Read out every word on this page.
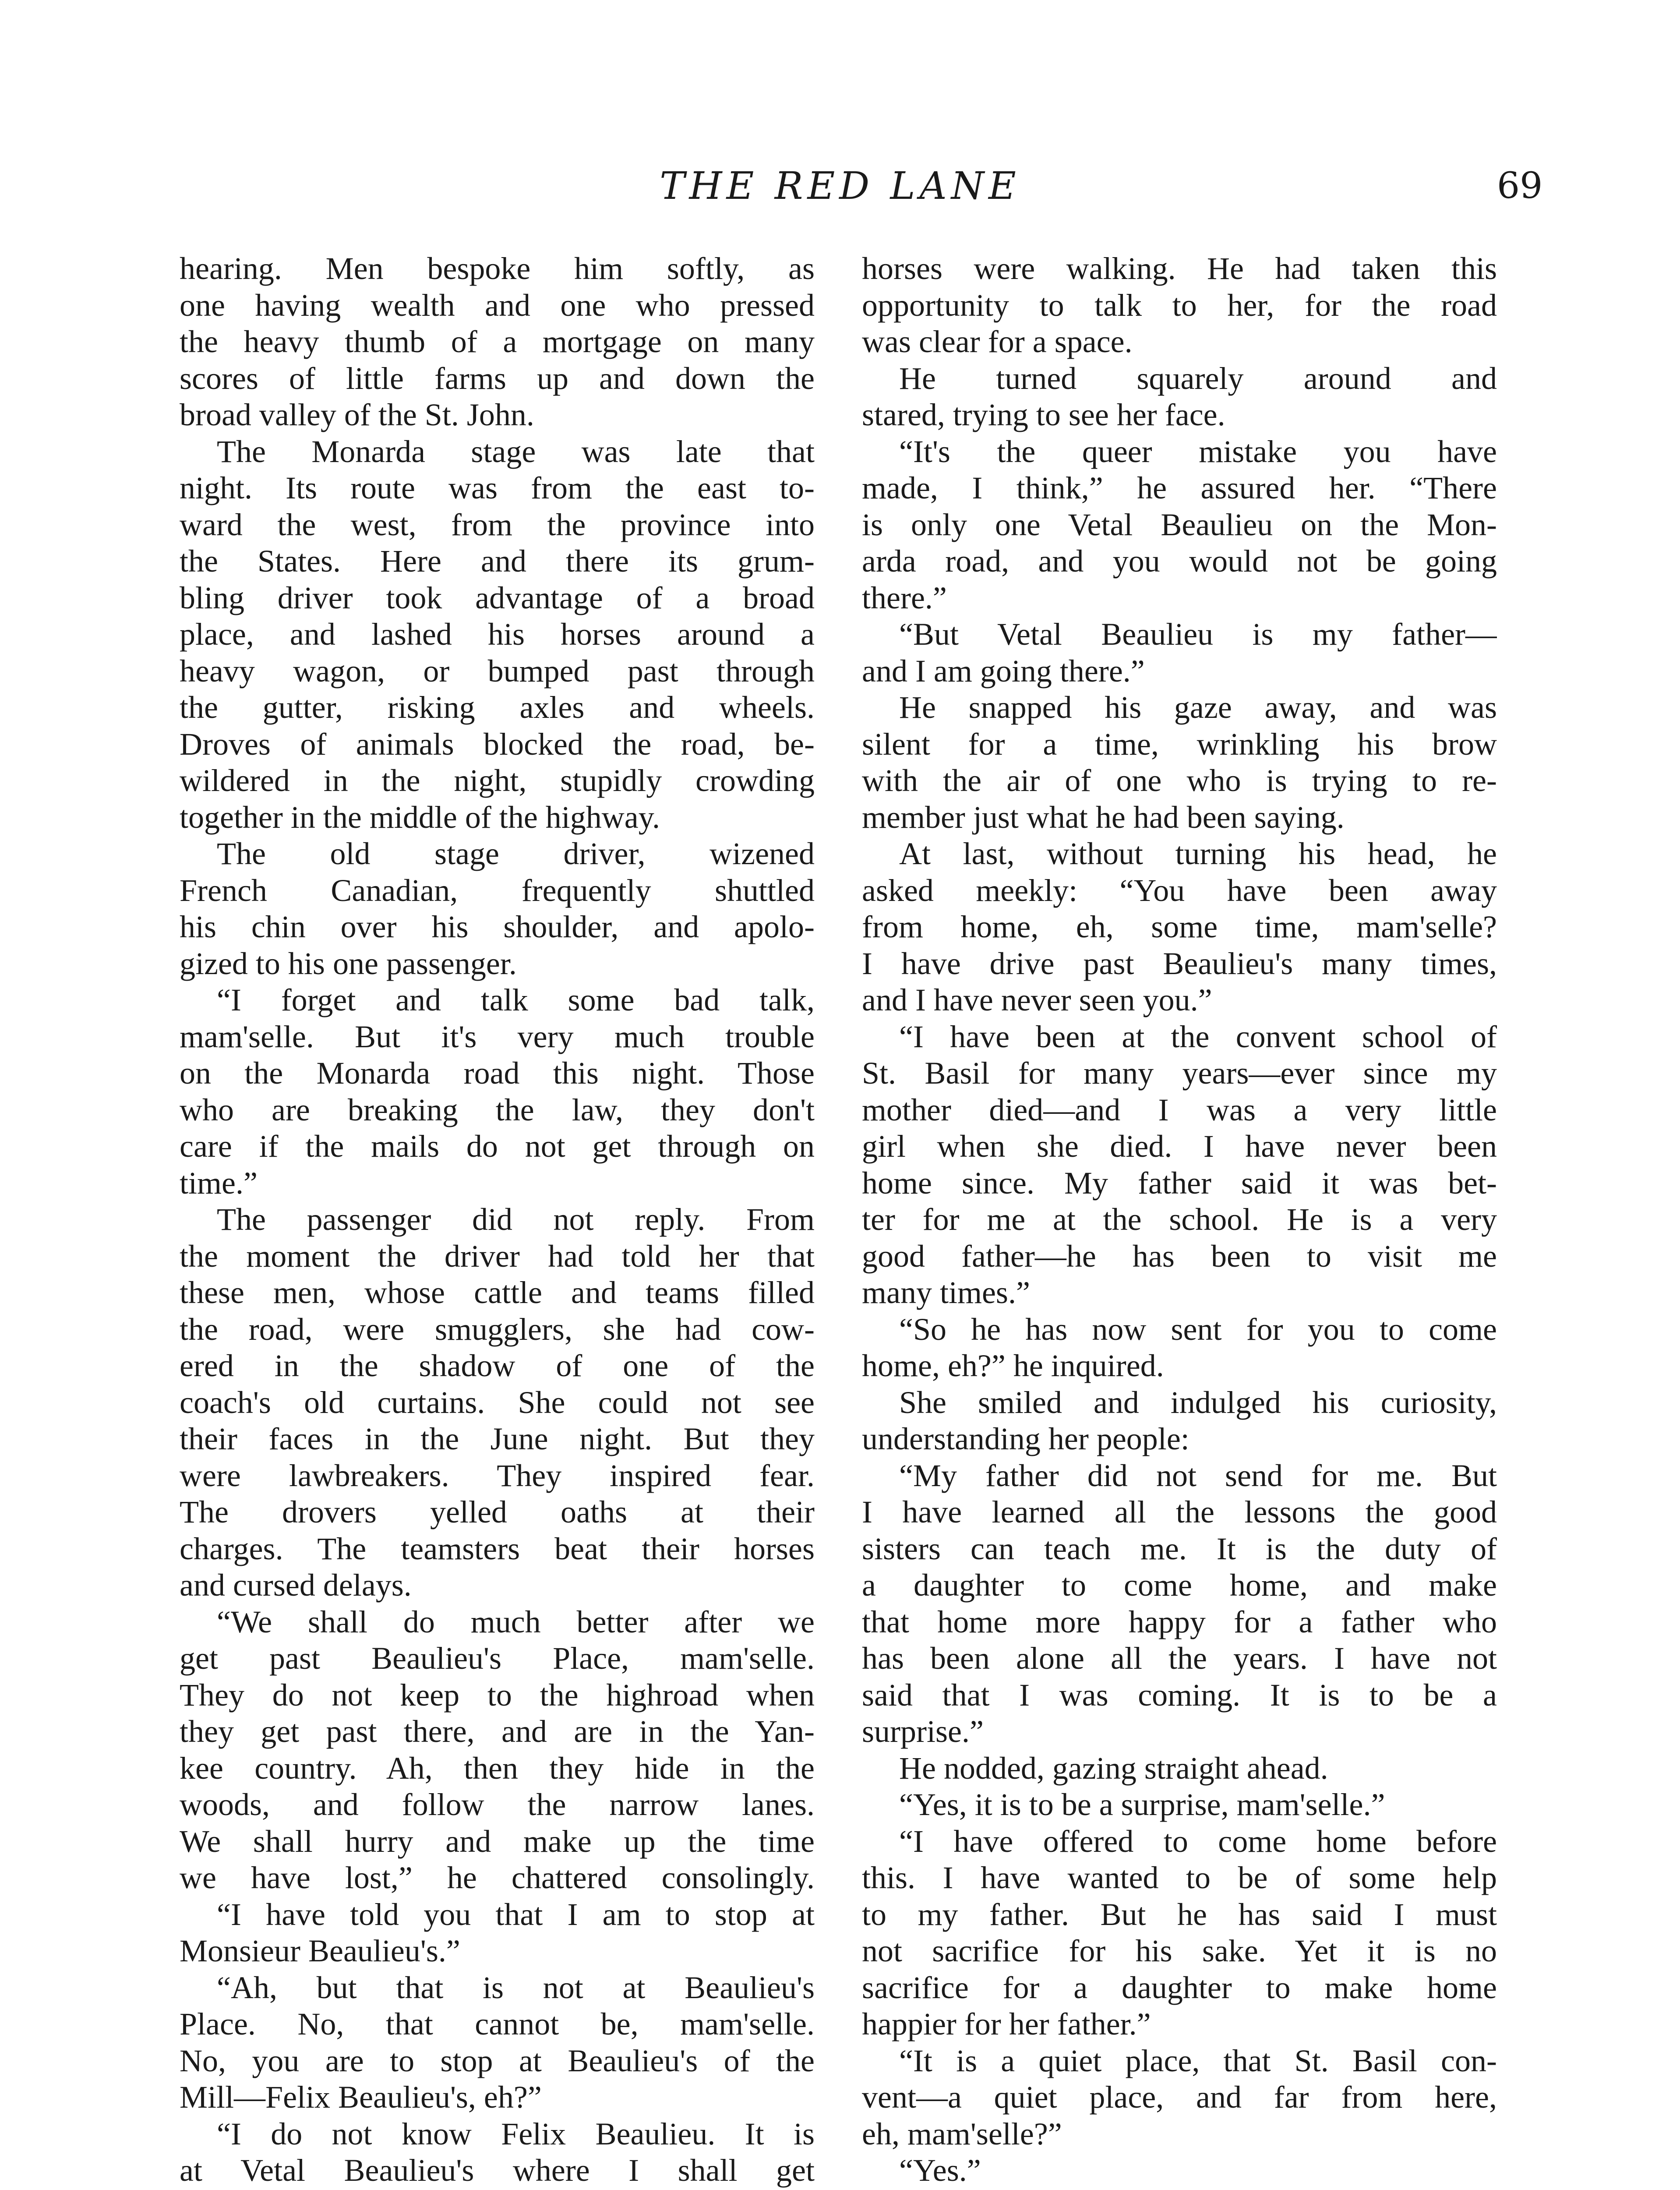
THE RED LANE	69
hearing. Men bespoke him softly, as
one having wealth and one who pressed
the heavy thumb of a mortgage on many
scores of little farms up and down the
broad valley of the St. John.
The Monarda stage was late that
night. Its route was from the east to-
ward the west, from the province into
the States. Here and there its grum-
bling driver took advantage of a broad
place, and lashed his horses around a
heavy wagon, or bumped past through
the gutter, risking axles and wheels.
Droves of animals blocked the road, be-
wildered in the night, stupidly crowding
together in the middle of the highway.
The old stage driver, wizened
French Canadian, frequently shuttled
his chin over his shoulder, and apolo-
gized to his one passenger.
“I forget and talk some bad talk,
mam'selle. But it's very much trouble
on the Monarda road this night. Those
who are breaking the law, they don't
care if the mails do not get through on
time.”
The passenger did not reply. From
the moment the driver had told her that
these men, whose cattle and teams filled
the road, were smugglers, she had cow-
ered in the shadow of one of the
coach's old curtains. She could not see
their faces in the June night. But they
were lawbreakers. They inspired fear.
The drovers yelled oaths at their
charges. The teamsters beat their horses
and cursed delays.
“We shall do much better after we
get past Beaulieu's Place, mam'selle.
They do not keep to the highroad when
they get past there, and are in the Yan-
kee country. Ah, then they hide in the
woods, and follow the narrow lanes.
We shall hurry and make up the time
we have lost,” he chattered consolingly.
“I have told you that I am to stop at
Monsieur Beaulieu's.”
“Ah, but that is not at Beaulieu's
Place. No, that cannot be, mam'selle.
No, you are to stop at Beaulieu's of the
Mill—Felix Beaulieu's, eh?”
“I do not know Felix Beaulieu. It is
at Vetal Beaulieu's where I shall get
horses were walking. He had taken this
opportunity to talk to her, for the road
was clear for a space.
He turned squarely around and
stared, trying to see her face.
“It's the queer mistake you have
made, I think,” he assured her. “There
is only one Vetal Beaulieu on the Mon-
arda road, and you would not be going
there.”
“But Vetal Beaulieu is my father—
and I am going there.”
He snapped his gaze away, and was
silent for a time, wrinkling his brow
with the air of one who is trying to re-
member just what he had been saying.
At last, without turning his head, he
asked meekly: “You have been away
from home, eh, some time, mam'selle?
I have drive past Beaulieu's many times,
and I have never seen you.”
“I have been at the convent school of
St. Basil for many years—ever since my
mother died—and I was a very little
girl when she died. I have never been
home since. My father said it was bet-
ter for me at the school. He is a very
good father—he has been to visit me
many times.”
“So he has now sent for you to come
home, eh?” he inquired.
She smiled and indulged his curiosity,
understanding her people:
“My father did not send for me. But
I have learned all the lessons the good
sisters can teach me. It is the duty of
a daughter to come home, and make
that home more happy for a father who
has been alone all the years. I have not
said that I was coming. It is to be a
surprise.”
He nodded, gazing straight ahead.
“Yes, it is to be a surprise, mam'selle.”
“I have offered to come home before
this. I have wanted to be of some help
to my father. But he has said I must
not sacrifice for his sake. Yet it is no
sacrifice for a daughter to make home
happier for her father.”
“It is a quiet place, that St. Basil con-
vent—a quiet place, and far from here,
eh, mam'selle?”
“Yes.”
